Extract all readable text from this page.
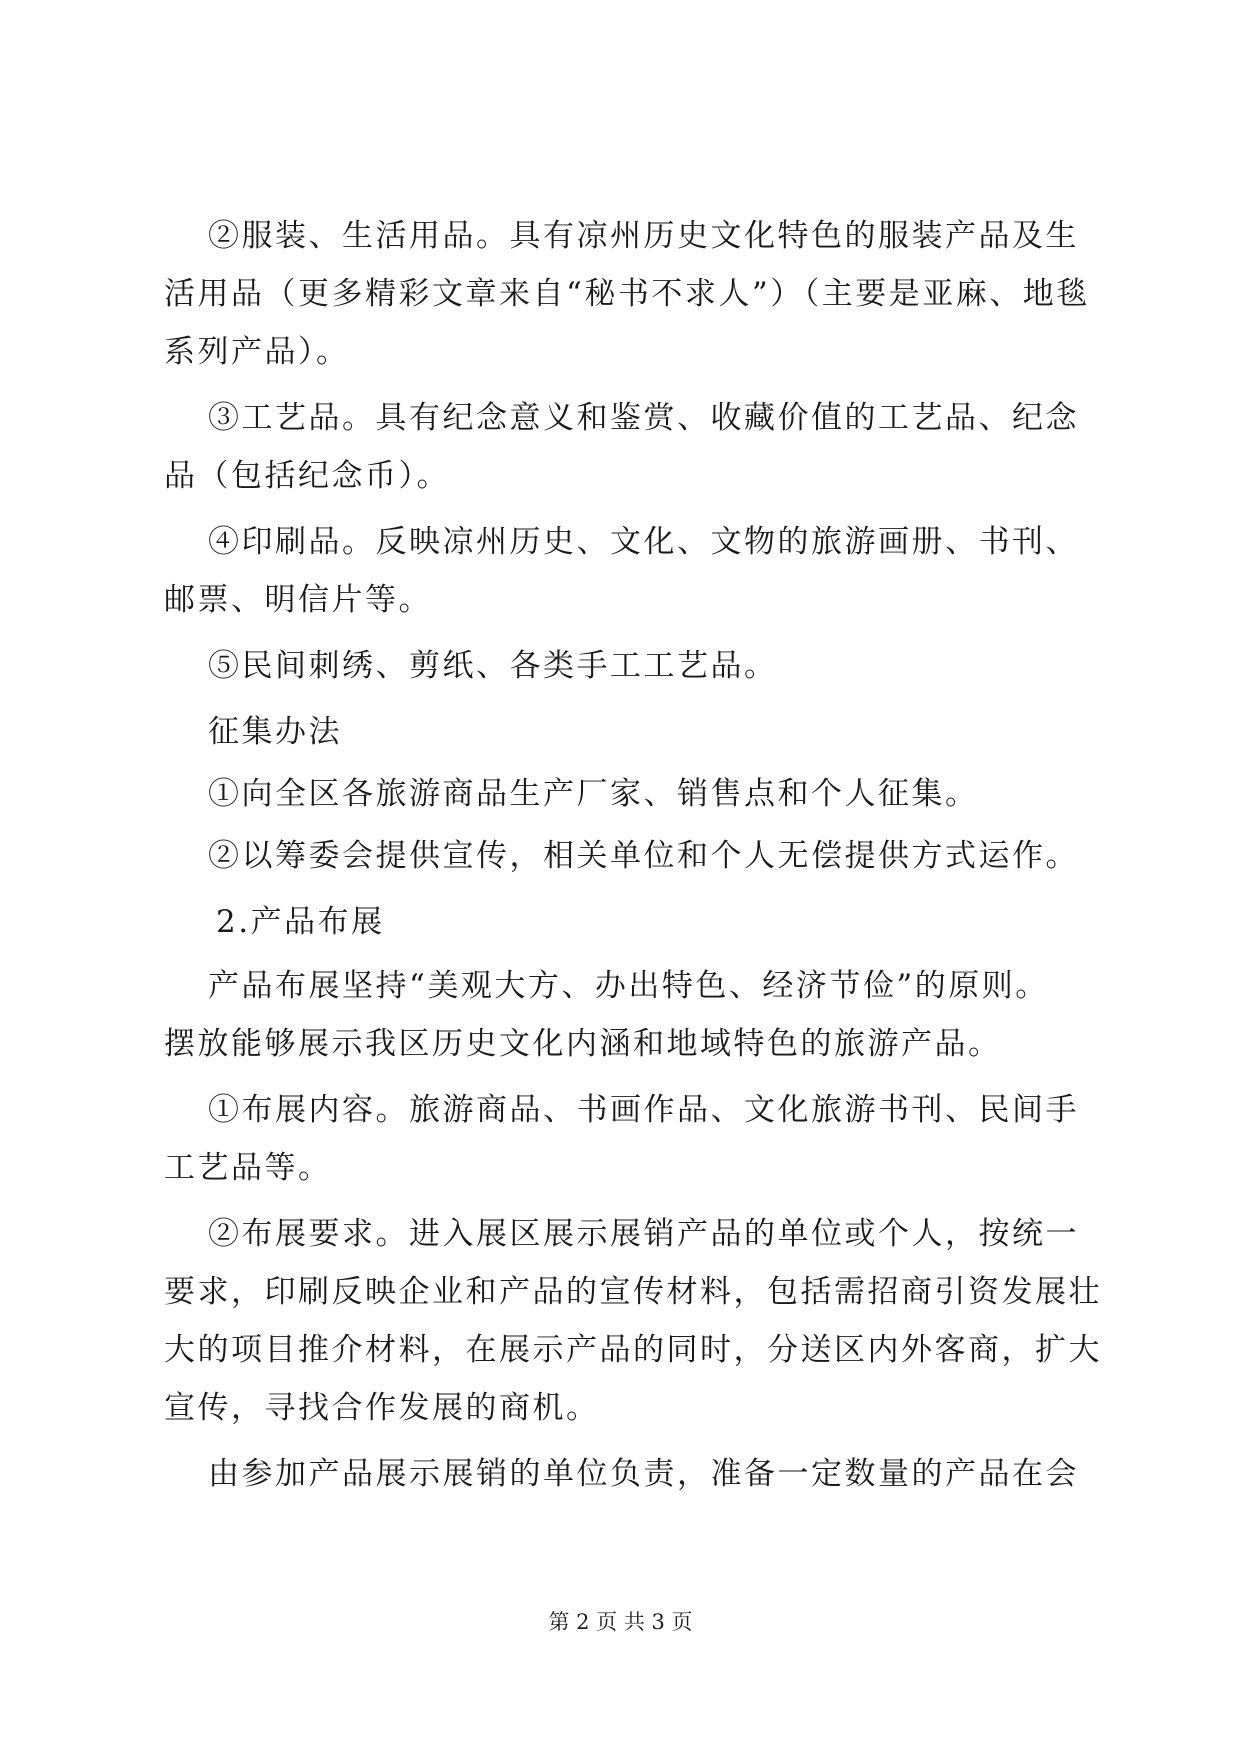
②服装、生活用品。具有凉州历史文化特色的服装产品及生
活用品（更多精彩文章来自“秘书不求人”）（主要是亚麻、地毯
系列产品）。
③工艺品。具有纪念意义和鉴赏、收藏价值的工艺品、纪念
品（包括纪念币）。
④印刷品。反映凉州历史、文化、文物的旅游画册、书刊、
邮票、明信片等。
⑤民间刺绣、剪纸、各类手工工艺品。
征集办法
①向全区各旅游商品生产厂家、销售点和个人征集。
②以筹委会提供宣传，相关单位和个人无偿提供方式运作。
2.产品布展
产品布展坚持“美观大方、办出特色、经济节俭”的原则。
摆放能够展示我区历史文化内涵和地域特色的旅游产品。
①布展内容。旅游商品、书画作品、文化旅游书刊、民间手
工艺品等。
②布展要求。进入展区展示展销产品的单位或个人，按统一
要求，印刷反映企业和产品的宣传材料，包括需招商引资发展壮
大的项目推介材料，在展示产品的同时，分送区内外客商，扩大
宣传，寻找合作发展的商机。
由参加产品展示展销的单位负责，准备一定数量的产品在会
第 2 页 共 3 页
